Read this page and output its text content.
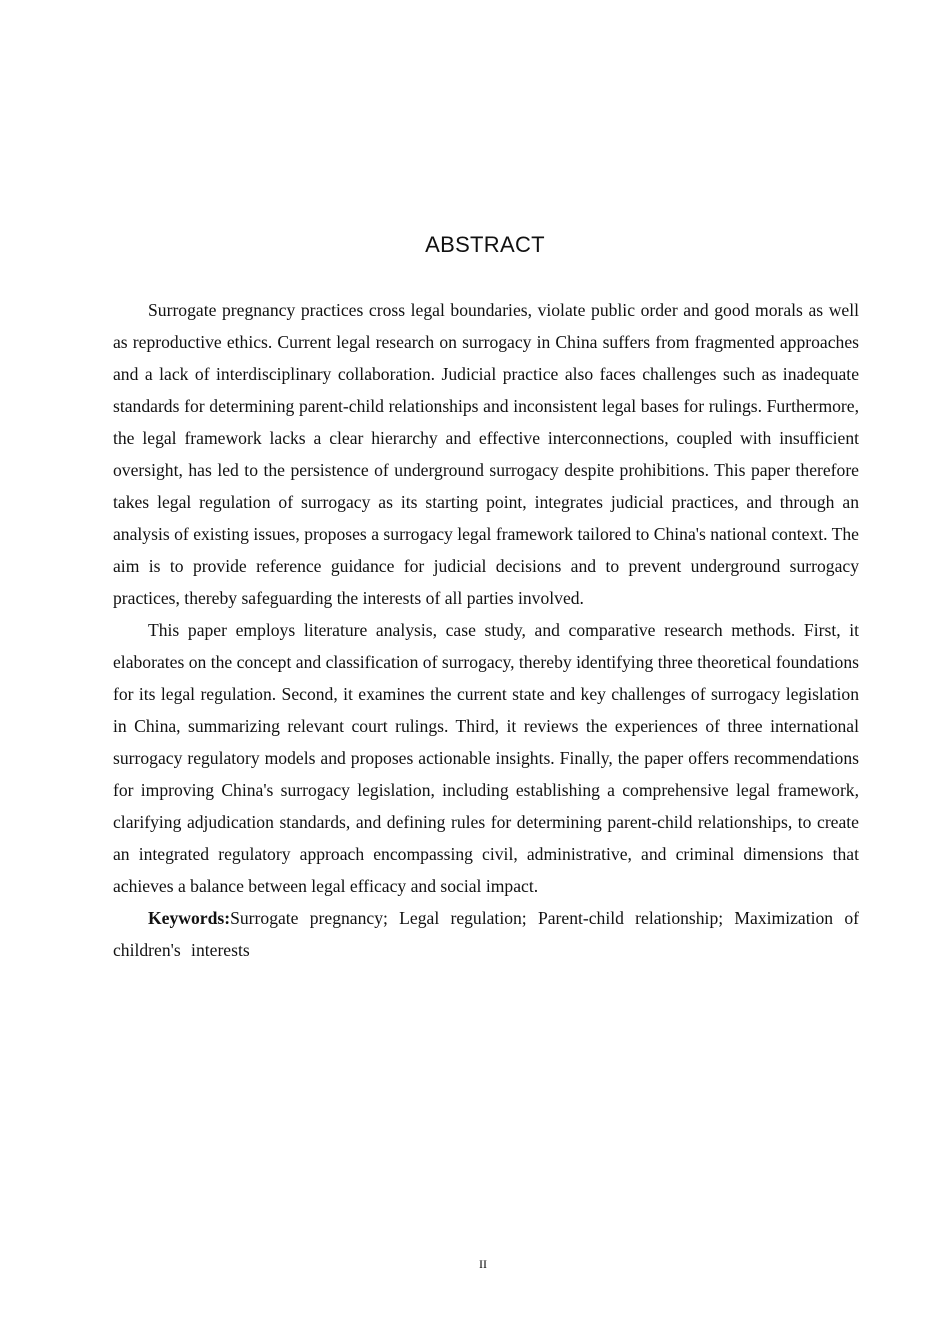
ABSTRACT

Surrogate pregnancy practices cross legal boundaries, violate public order and good morals as well as reproductive ethics. Current legal research on surrogacy in China suffers from fragmented approaches and a lack of interdisciplinary collaboration. Judicial practice also faces challenges such as inadequate standards for determining parent-child relationships and inconsistent legal bases for rulings. Furthermore, the legal framework lacks a clear hierarchy and effective interconnections, coupled with insufficient oversight, has led to the persistence of underground surrogacy despite prohibitions. This paper therefore takes legal regulation of surrogacy as its starting point, integrates judicial practices, and through an analysis of existing issues, proposes a surrogacy legal framework tailored to China's national context. The aim is to provide reference guidance for judicial decisions and to prevent underground surrogacy practices, thereby safeguarding the interests of all parties involved.

This paper employs literature analysis, case study, and comparative research methods. First, it elaborates on the concept and classification of surrogacy, thereby identifying three theoretical foundations for its legal regulation. Second, it examines the current state and key challenges of surrogacy legislation in China, summarizing relevant court rulings. Third, it reviews the experiences of three international surrogacy regulatory models and proposes actionable insights. Finally, the paper offers recommendations for improving China's surrogacy legislation, including establishing a comprehensive legal framework, clarifying adjudication standards, and defining rules for determining parent-child relationships, to create an integrated regulatory approach encompassing civil, administrative, and criminal dimensions that achieves a balance between legal efficacy and social impact.

Keywords:Surrogate pregnancy; Legal regulation; Parent-child relationship; Maximization of children's interests

II
